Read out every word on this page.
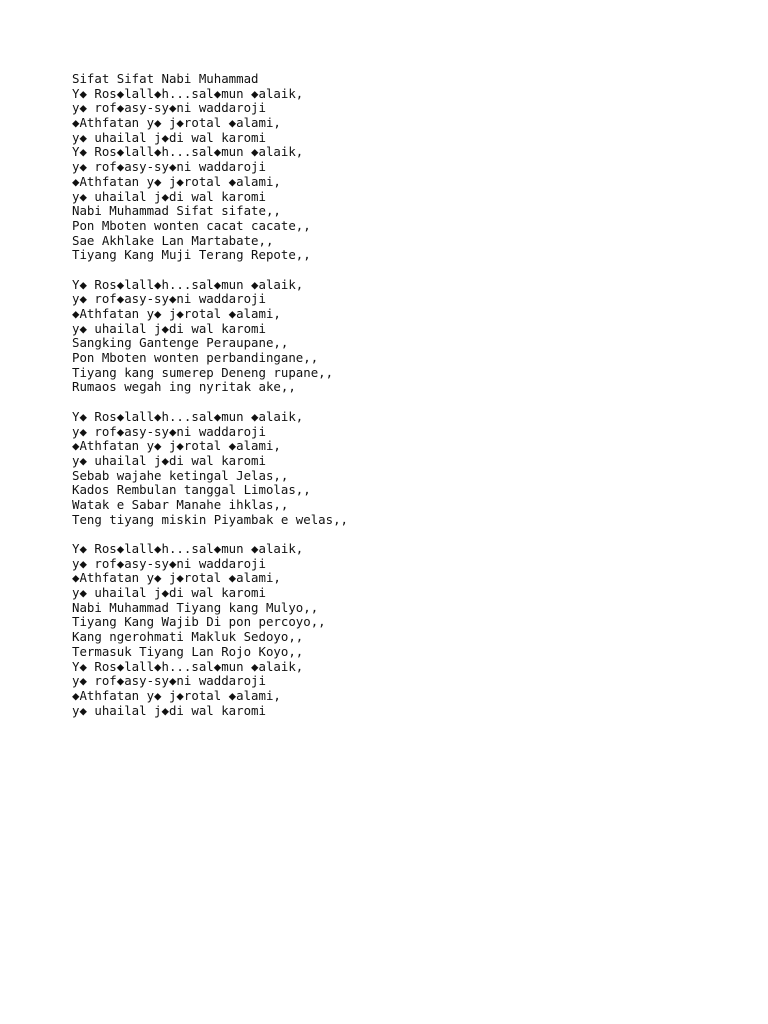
Sifat Sifat Nabi Muhammad
Y◆ Ros◆lall◆h...sal◆mun ◆alaik,
y◆ rof◆asy-sy◆ni waddaroji
◆Athfatan y◆ j◆rotal ◆alami,
y◆ uhailal j◆di wal karomi
Y◆ Ros◆lall◆h...sal◆mun ◆alaik,
y◆ rof◆asy-sy◆ni waddaroji
◆Athfatan y◆ j◆rotal ◆alami,
y◆ uhailal j◆di wal karomi
Nabi Muhammad Sifat sifate,,
Pon Mboten wonten cacat cacate,,
Sae Akhlake Lan Martabate,,
Tiyang Kang Muji Terang Repote,,
Y◆ Ros◆lall◆h...sal◆mun ◆alaik,
y◆ rof◆asy-sy◆ni waddaroji
◆Athfatan y◆ j◆rotal ◆alami,
y◆ uhailal j◆di wal karomi
Sangking Gantenge Peraupane,,
Pon Mboten wonten perbandingane,,
Tiyang kang sumerep Deneng rupane,,
Rumaos wegah ing nyritak ake,,
Y◆ Ros◆lall◆h...sal◆mun ◆alaik,
y◆ rof◆asy-sy◆ni waddaroji
◆Athfatan y◆ j◆rotal ◆alami,
y◆ uhailal j◆di wal karomi
Sebab wajahe ketingal Jelas,,
Kados Rembulan tanggal Limolas,,
Watak e Sabar Manahe ihklas,,
Teng tiyang miskin Piyambak e welas,,
Y◆ Ros◆lall◆h...sal◆mun ◆alaik,
y◆ rof◆asy-sy◆ni waddaroji
◆Athfatan y◆ j◆rotal ◆alami,
y◆ uhailal j◆di wal karomi
Nabi Muhammad Tiyang kang Mulyo,,
Tiyang Kang Wajib Di pon percoyo,,
Kang ngerohmati Makluk Sedoyo,,
Termasuk Tiyang Lan Rojo Koyo,,
Y◆ Ros◆lall◆h...sal◆mun ◆alaik,
y◆ rof◆asy-sy◆ni waddaroji
◆Athfatan y◆ j◆rotal ◆alami,
y◆ uhailal j◆di wal karomi
